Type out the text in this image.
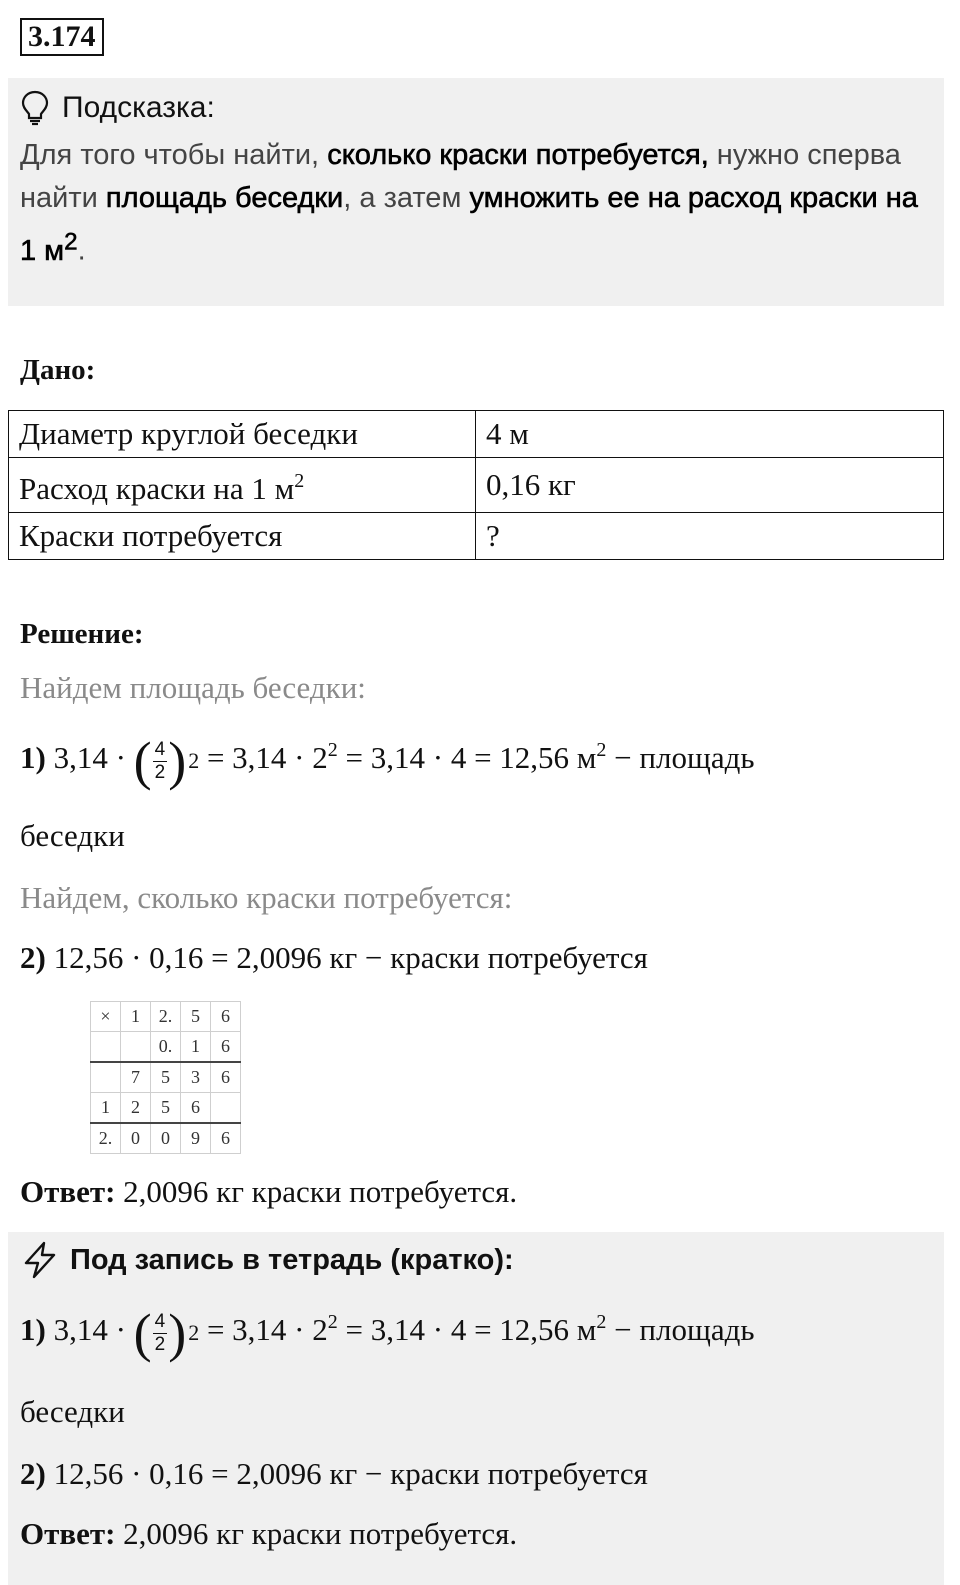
3.174
Подсказка:
Для того чтобы найти, сколько краски потребуется, нужно сперва найти площадь беседки, а затем умножить ее на расход краски на 1 $м^2$.
Дано:
Диаметр круглой беседки	4 м
Расход краски на 1 $м^2$	0,16 кг
Краски потребуется	?
Решение:
Найдем площадь беседки:
1) 3,14 · ( $\frac{4}{2}$ ) $2 = 3,14 \cdot 2^2 = 3,14 \cdot 4 = 12,56$ $м^2$ − площадь
беседки
Найдем, сколько краски потребуется:
2) 12,56 · 0,16 = 2,0096 кг − краски потребуется
×	1	2.	5	6
		0.	1	6
	7	5	3	6
1	2	5	6	
2.	0	0	9	6
Ответ: 2,0096 кг краски потребуется.
Под запись в тетрадь (кратко):
1) 3,14 · ( $\frac{4}{2}$ ) $2 = 3,14 \cdot 2^2 = 3,14 \cdot 4 = 12,56$ $м^2$ − площадь
беседки
2) 12,56 · 0,16 = 2,0096 кг − краски потребуется
Ответ: 2,0096 кг краски потребуется.
